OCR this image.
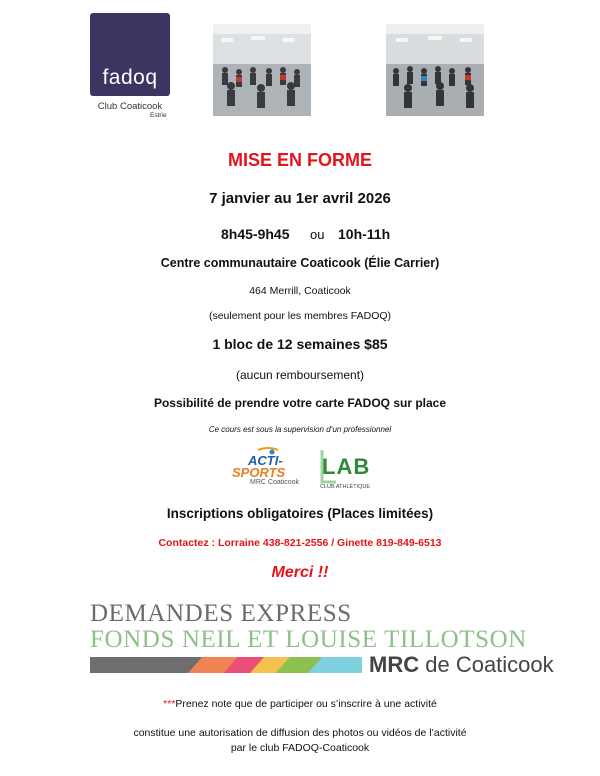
fadoq
Club Coaticook
Estrie
MISE EN FORME
7 janvier au 1er avril 2026
8h45-9h45 ou 10h-11h
Centre communautaire Coaticook (Élie Carrier)
464 Merrill, Coaticook
(seulement pour les membres FADOQ)
1 bloc de 12 semaines $85
(aucun remboursement)
Possibilité de prendre votre carte FADOQ sur place
Ce cours est sous la supervision d’un professionnel
ACTI-
SPORTS
MRC Coaticook
LAB
CLUB ATHLÉTIQUE
Inscriptions obligatoires (Places limitées)
Contactez : Lorraine 438-821-2556 / Ginette 819-849-6513
Merci !!
DEMANDES EXPRESS
FONDS NEIL ET LOUISE TILLOTSON
MRC de Coaticook
***Prenez note que de participer ou s’inscrire à une activité
constitue une autorisation de diffusion des photos ou vidéos de l’activité
par le club FADOQ-Coaticook
